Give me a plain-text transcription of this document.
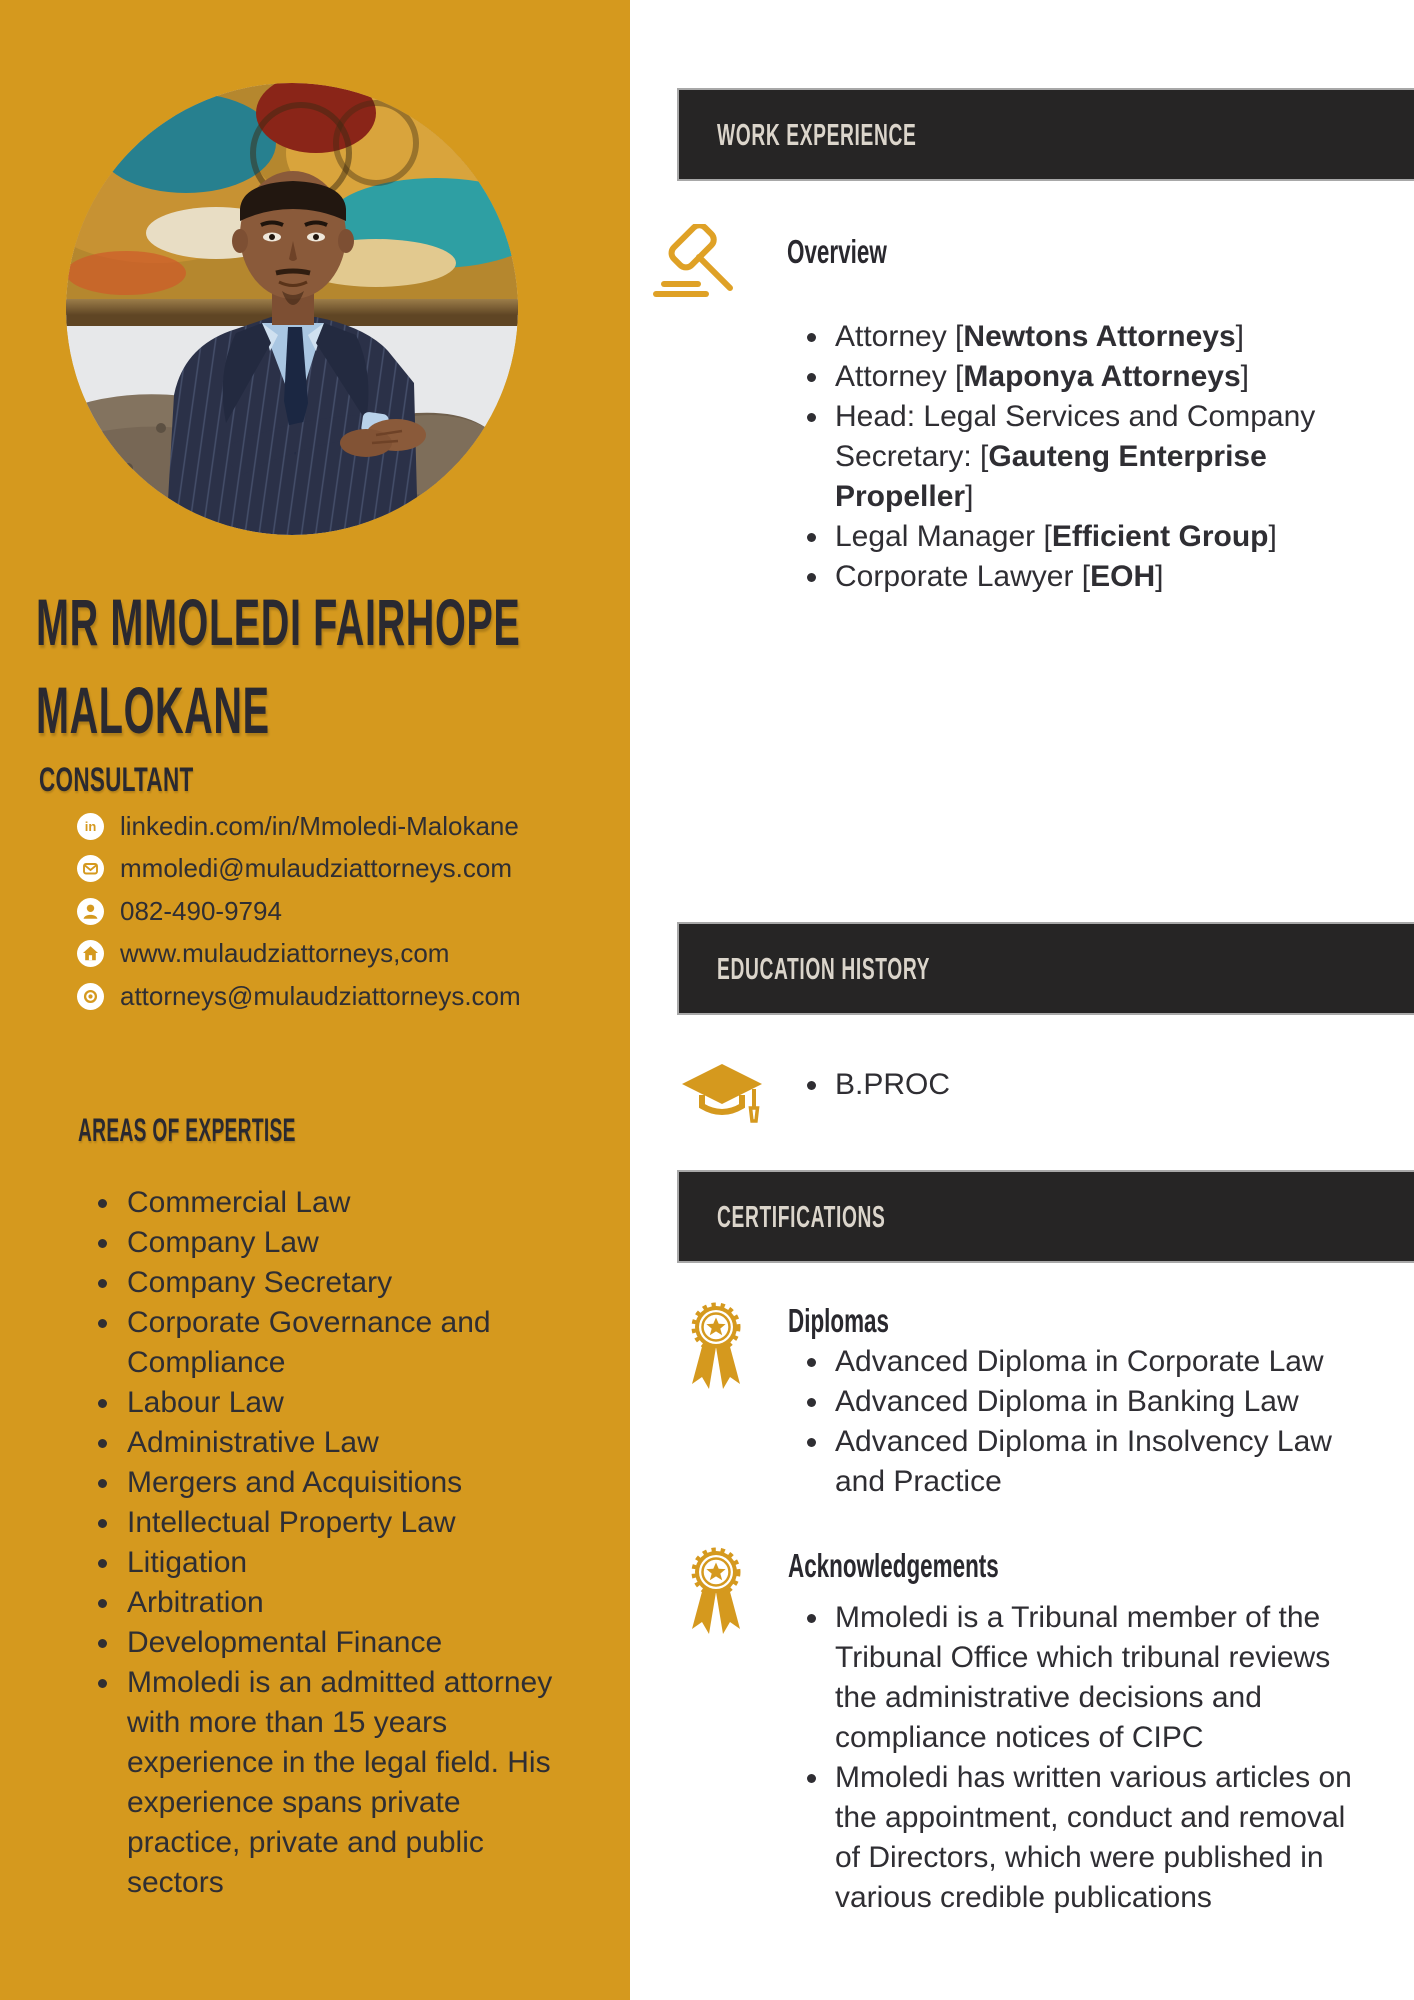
MR MMOLEDI FAIRHOPE
MALOKANE
CONSULTANT
in linkedin.com/in/Mmoledi-Malokane
mmoledi@mulaudziattorneys.com
082-490-9794
www.mulaudziattorneys,com
attorneys@mulaudziattorneys.com
AREAS OF EXPERTISE
Commercial Law
Company Law
Company Secretary
Corporate Governance and Compliance
Labour Law
Administrative Law
Mergers and Acquisitions
Intellectual Property Law
Litigation
Arbitration
Developmental Finance
Mmoledi is an admitted attorney with more than 15 years experience in the legal field. His experience spans private practice, private and public sectors
WORK EXPERIENCE
Overview
Attorney [Newtons Attorneys]
Attorney [Maponya Attorneys]
Head: Legal Services and Company Secretary: [Gauteng Enterprise Propeller]
Legal Manager [Efficient Group]
Corporate Lawyer [EOH]
EDUCATION HISTORY
B.PROC
CERTIFICATIONS
Diplomas
Advanced Diploma in Corporate Law
Advanced Diploma in Banking Law
Advanced Diploma in Insolvency Law and Practice
Acknowledgements
Mmoledi is a Tribunal member of the Tribunal Office which tribunal reviews the administrative decisions and compliance notices of CIPC
Mmoledi has written various articles on the appointment, conduct and removal of Directors, which were published in various credible publications
